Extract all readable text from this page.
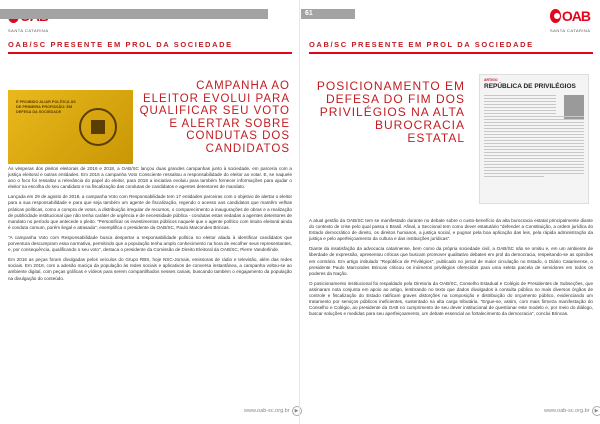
SANTA CATARINA
60
OAB/SC PRESENTE EM PROL DA SOCIEDADE
É PROIBIDO ALIAR POLÍTICA ÀS DE PRIMEIRA PROFISSÃO: EM DEFESA DA SOCIEDADE
CAMPANHA AO ELEITOR EVOLUI PARA QUALIFICAR SEU VOTO E ALERTAR SOBRE CONDUTAS DOS CANDIDATOS

Às vésperas dos pleitos eleitorais de 2016 e 2018, a OAB/SC lançou duas grandes campanhas junto à sociedade, em parceria com a justiça eleitoral e outras entidades. Em 2016 a campanha Voto Consciente ressaltou a responsabilidade do eleitor ao votar. E, se naquele ano o foco foi ressaltar a relevância do papel do eleitor, para 2018 a iniciativa evoluiu para também fornecer informações para ajudar o eleitor na escolha do seu candidato e na fiscalização das condutas de candidatos e agentes detentores de mandato.

Lançada em 29 de agosto de 2018, a campanha Voto com Responsabilidade tem 17 entidades parceiras com o objetivo de alertar o eleitor para a sua responsabilidade e para que seja também um agente de fiscalização, regendo o acesso aos candidatos que mantêm velhas práticas políticas, como a compra de votos, a distribuição irregular de recursos, o comparecimento a inaugurações de obras e a realização de publicidade institucional que não tenha caráter de urgência e de necessidade pública - condutas estas vedadas a agentes detentores de mandato no período que antecede o pleito. "Personificar os investimentos públicos naquele que o agente político com intuito eleitoral ainda é conduta comum, porém ilegal e atrasada", exemplifica o presidente da OAB/SC, Paulo Marcondes Brincas.

"A campanha Voto com Responsabilidade busca despertar a responsabilidade política no eleitor aliada à identificar candidatos que porventura descumpram essa normativa, permitindo que a população tenha amplo conhecimento na hora de escolher seus representantes, e, por consequência, qualificando o seu voto", destaca o presidente da Comissão de Direito Eleitoral da OAB/SC, Pierre Vanderlinde.

Em 2016 as peças foram divulgadas pelos veículos do Grupo RBS, hoje NSC-Jornais, emissoras de rádio e televisão, além das redes sociais. Em 2018, com a adesão maciça da população às redes sociais e aplicativos de conversa instantânea, a campanha voltou-se ao ambiente digital, com peças gráficas e vídeos para serem compartilhados nesses canais, buscando também o engajamento da população na divulgação do conteúdo.

www.oab-sc.org.br	▶
61	OAB
SANTA CATARINA
OAB/SC PRESENTE EM PROL DA SOCIEDADE
POSICIONAMENTO EM DEFESA DO FIM DOS PRIVILÉGIOS NA ALTA BUROCRACIA ESTATAL
ARTIGO
REPÚBLICA DE PRIVILÉGIOS

A atual gestão da OAB/SC tem se manifestado durante no debate sobre o custo-benefício da alta burocracia estatal principalmente diante do contexto de crise pelo qual passa o Brasil. Afinal, a Seccional tem como dever estatutário "defender a Constituição, a ordem jurídica do Estado democrático de direito, os direitos humanos, a justiça social, e pugnar pela boa aplicação das leis, pela rápida administração da justiça e pelo aperfeiçoamento da cultura e das instituições jurídicas".

Diante da insatisfação da advocacia catarinense, bem como da própria sociedade civil, a OAB/SC não se omitiu e, em um ambiente de liberdade de expressão, apresentou críticas que buscam promover qualitativo debates em prol da democracia, respeitando-se as opiniões em contrário. Em artigo intitulado "República de Privilégios", publicado no jornal de maior circulação no Estado, o Diário Catarinense, o presidente Paulo Marcondes Brincas criticou os inúmeros privilégios oferecidos para uma seleta parcela de servidores em todos os poderes da Nação.

O posicionamento institucional foi respaldado pela Diretoria da OAB/SC, Conselho Estadual e Colégio de Presidentes de Subseções, que assinaram nota conjunta em apoio ao artigo, lembrando no texto que dados divulgados à consulta pública no mais diversos órgãos de controle e fiscalização do Estado ratificam graves distorções na composição e distribuição do orçamento público, evidenciando um tratamento por serviços públicos ineficientes, sustentado na alta carga tributária. "Ergue-se, assim, com mais firmeza manifestação do Conselho e Colégio, ao presidente da OAB no cumprimento de seu dever institucional de questionar este modelo e, por meio do diálogo, buscar soluções e medidas para seu aperfeiçoamento, um debate essencial ao fortalecimento da democracia", conclui Brincas.

www.oab-sc.org.br	▶
